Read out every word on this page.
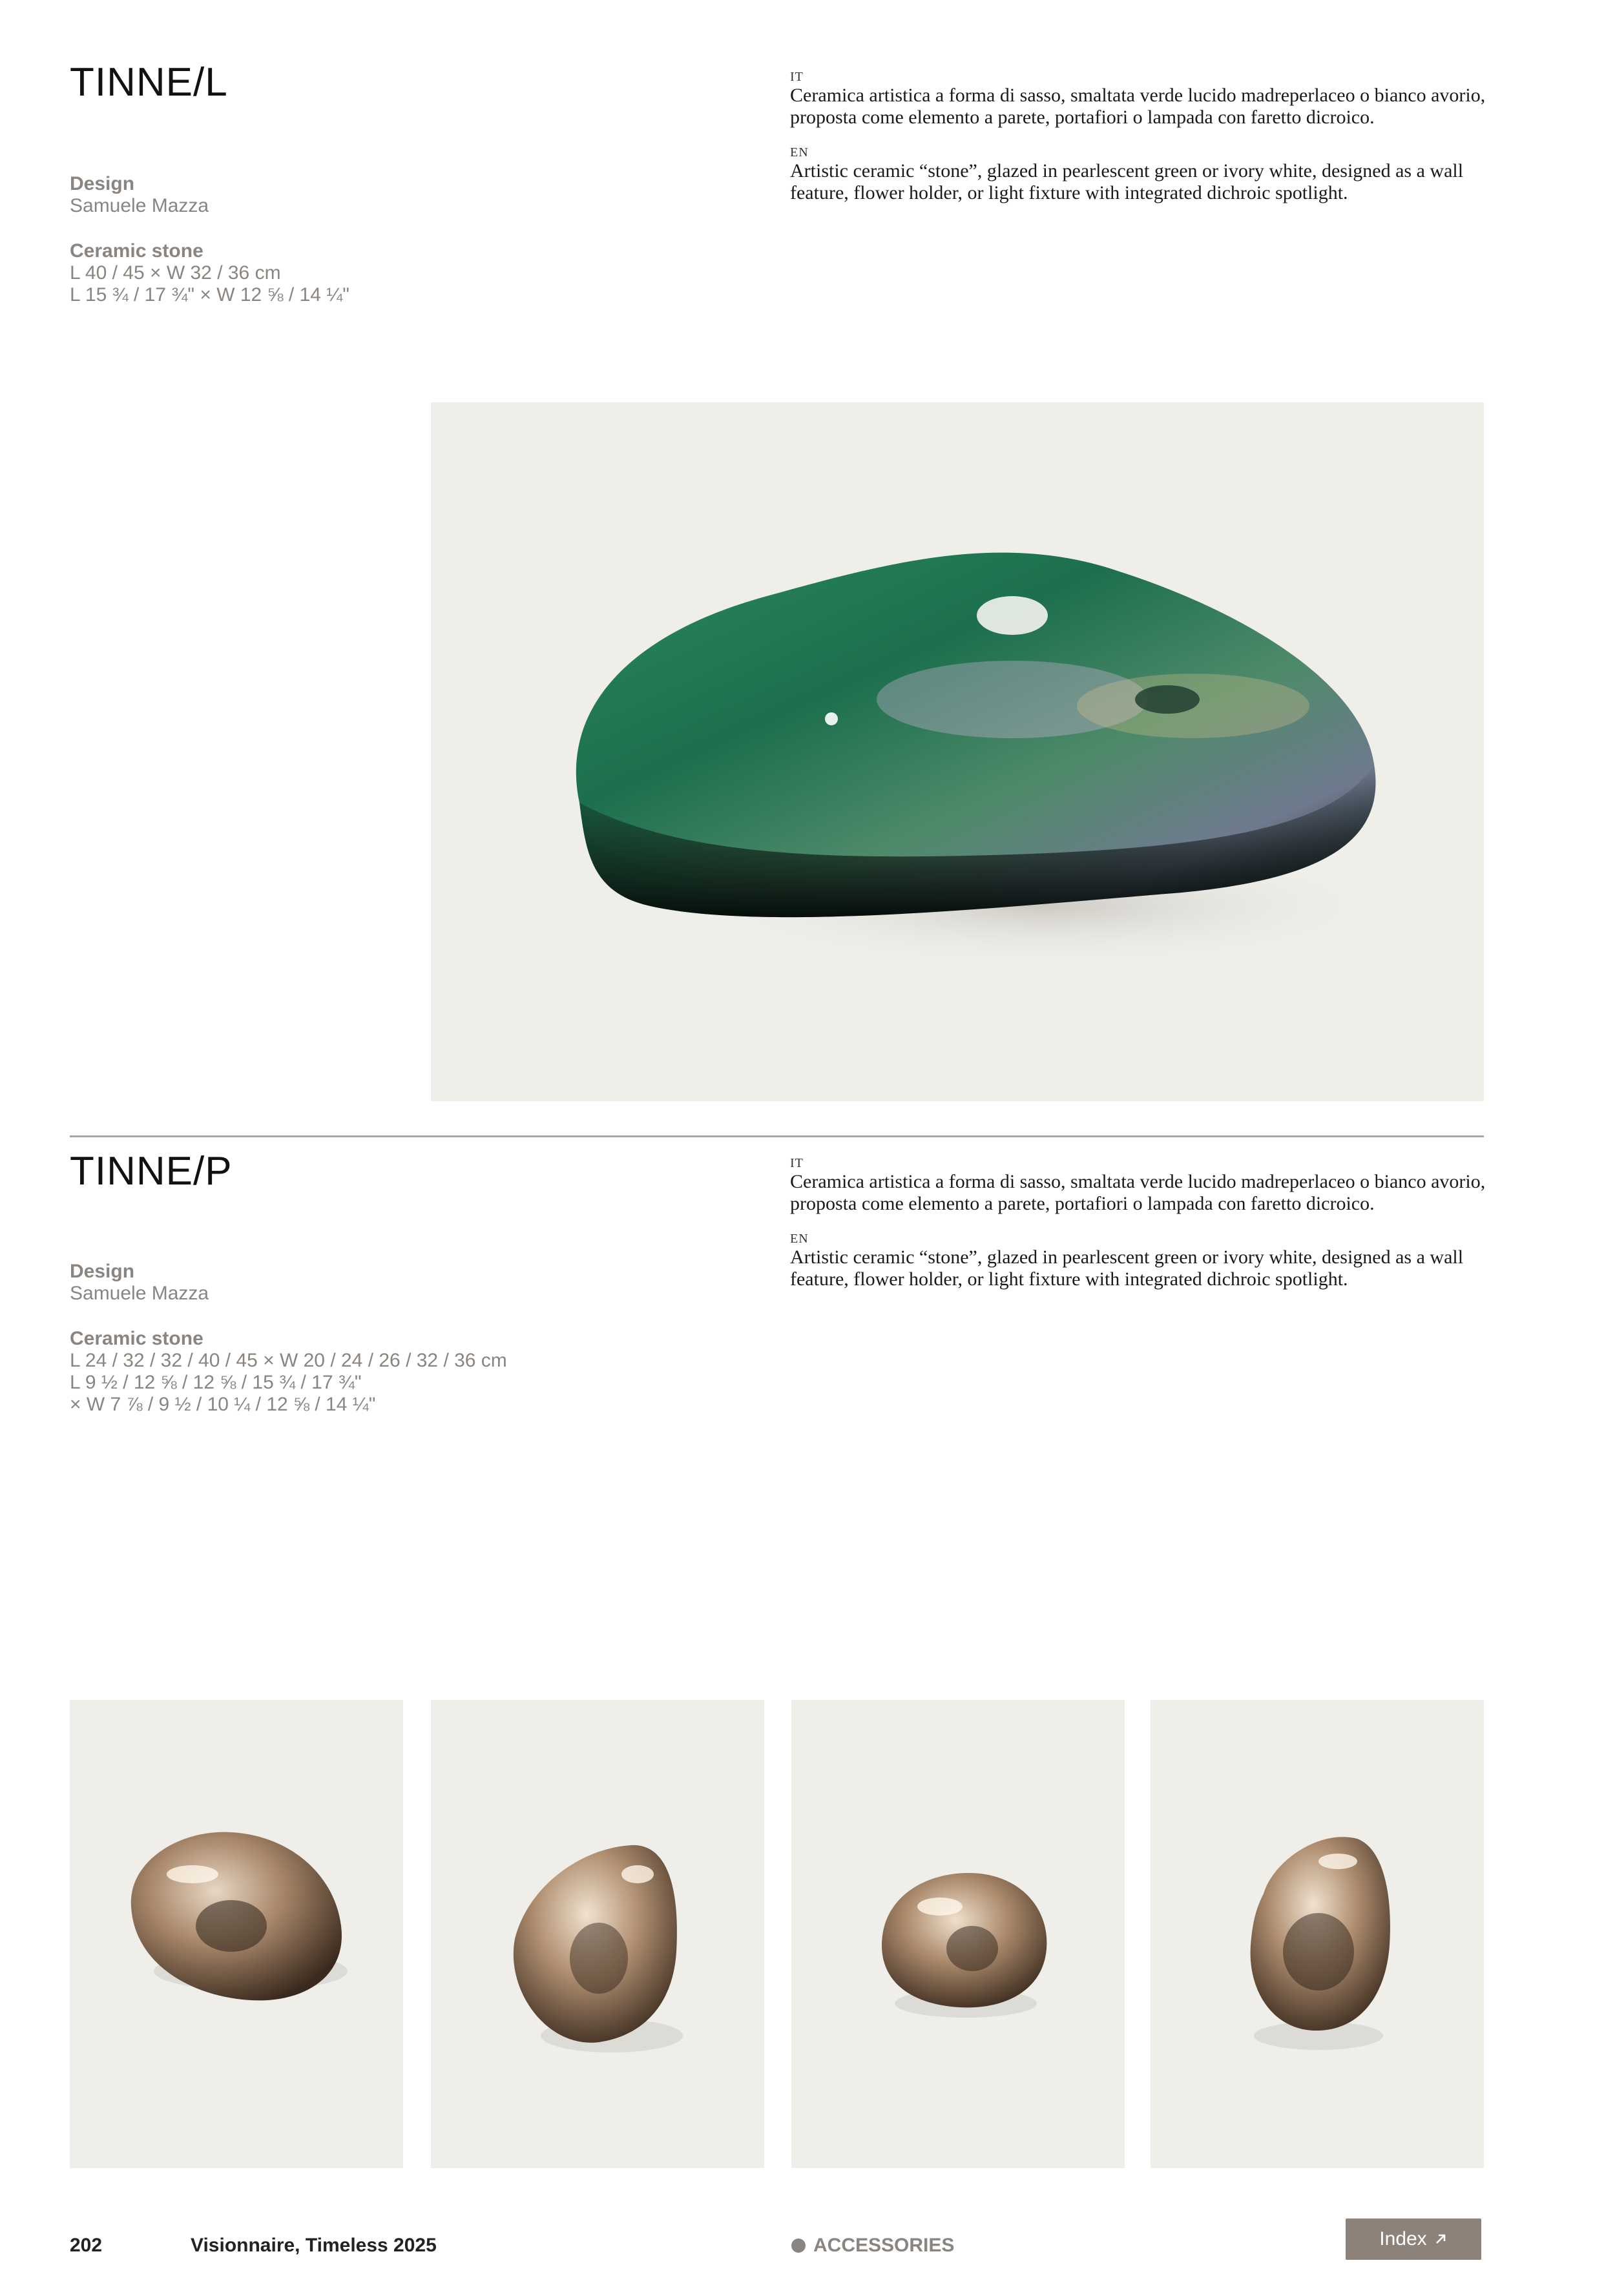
TINNE/L
Design
Samuele Mazza
Ceramic stone
L 40 / 45 × W 32 / 36 cm
L 15 ¾ / 17 ¾" × W 12 ⅝ / 14 ¼"
IT
Ceramica artistica a forma di sasso, smaltata verde lucido madreperlaceo o bianco avorio, proposta come elemento a parete, portafiori o lampada con faretto dicroico.
EN
Artistic ceramic “stone”, glazed in pearlescent green or ivory white, designed as a wall feature, flower holder, or light fixture with integrated dichroic spotlight.
TINNE/P
Design
Samuele Mazza
Ceramic stone
L 24 / 32 / 32 / 40 / 45 × W 20 / 24 / 26 / 32 / 36 cm
L 9 ½ / 12 ⅝ / 12 ⅝ / 15 ¾ / 17 ¾"
× W 7 ⅞ / 9 ½ / 10 ¼ / 12 ⅝ / 14 ¼"
IT
Ceramica artistica a forma di sasso, smaltata verde lucido madreperlaceo o bianco avorio, proposta come elemento a parete, portafiori o lampada con faretto dicroico.
EN
Artistic ceramic “stone”, glazed in pearlescent green or ivory white, designed as a wall feature, flower holder, or light fixture with integrated dichroic spotlight.
202	Visionnaire, Timeless 2025	ACCESSORIES	Index
